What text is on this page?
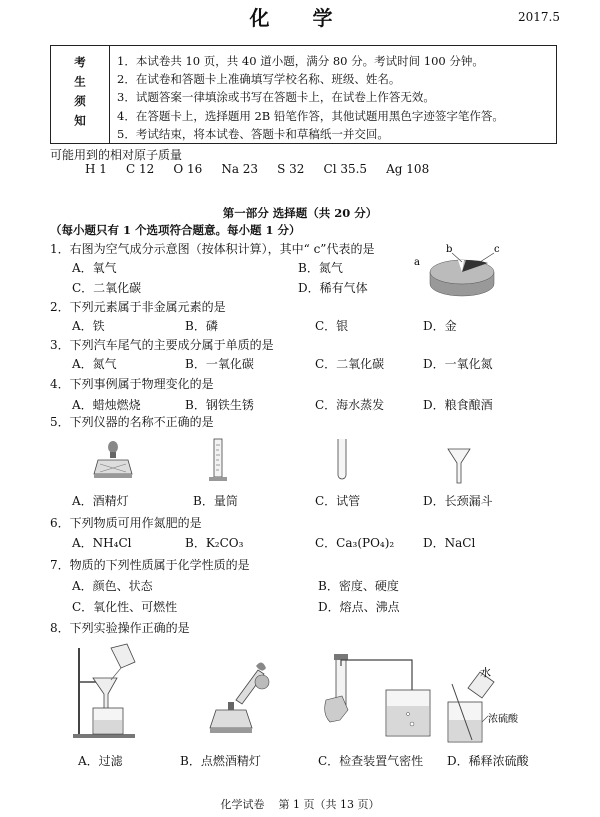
化 学	2017.5
考生须知	1．本试卷共 10 页，共 40 道小题，满分 80 分。考试时间 100 分钟。
2．在试卷和答题卡上准确填写学校名称、班级、姓名。
3．试题答案一律填涂或书写在答题卡上，在试卷上作答无效。
4．在答题卡上，选择题用 2B 铅笔作答，其他试题用黑色字迹签字笔作答。
5．考试结束，将本试卷、答题卡和草稿纸一并交回。
可能用到的相对原子质量
H 1     C 12     O 16     Na 23     S 32     Cl 35.5     Ag 108
第一部分 选择题（共 20 分）
（每小题只有 1 个选项符合题意。每小题 1 分）
1．右图为空气成分示意图（按体积计算），其中“ c”代表的是
A．氧气	B．氮气
C．二氧化碳	D．稀有气体
a
b	c
2．下列元素属于非金属元素的是
A．铁	B．磷	C．银	D．金
3．下列汽车尾气的主要成分属于单质的是
A．氮气	B．一氧化碳	C．二氧化碳	D．一氧化氮
4．下列事例属于物理变化的是
A．蜡烛燃烧	B．钢铁生锈	C．海水蒸发	D．粮食酿酒
5．下列仪器的名称不正确的是
A．酒精灯	B．量筒	C．试管	D．长颈漏斗
6．下列物质可用作氮肥的是
A．NH₄Cl	B．K₂CO₃	C．Ca₃(PO₄)₂ D．NaCl
7．物质的下列性质属于化学性质的是
A．颜色、状态	B．密度、硬度
C．氧化性、可燃性	D．熔点、沸点
8．下列实验操作正确的是
水
浓硫酸
A．过滤	B．点燃酒精灯	C．检查装置气密性 D．稀释浓硫酸
化学试卷    第 1 页（共 13 页）
